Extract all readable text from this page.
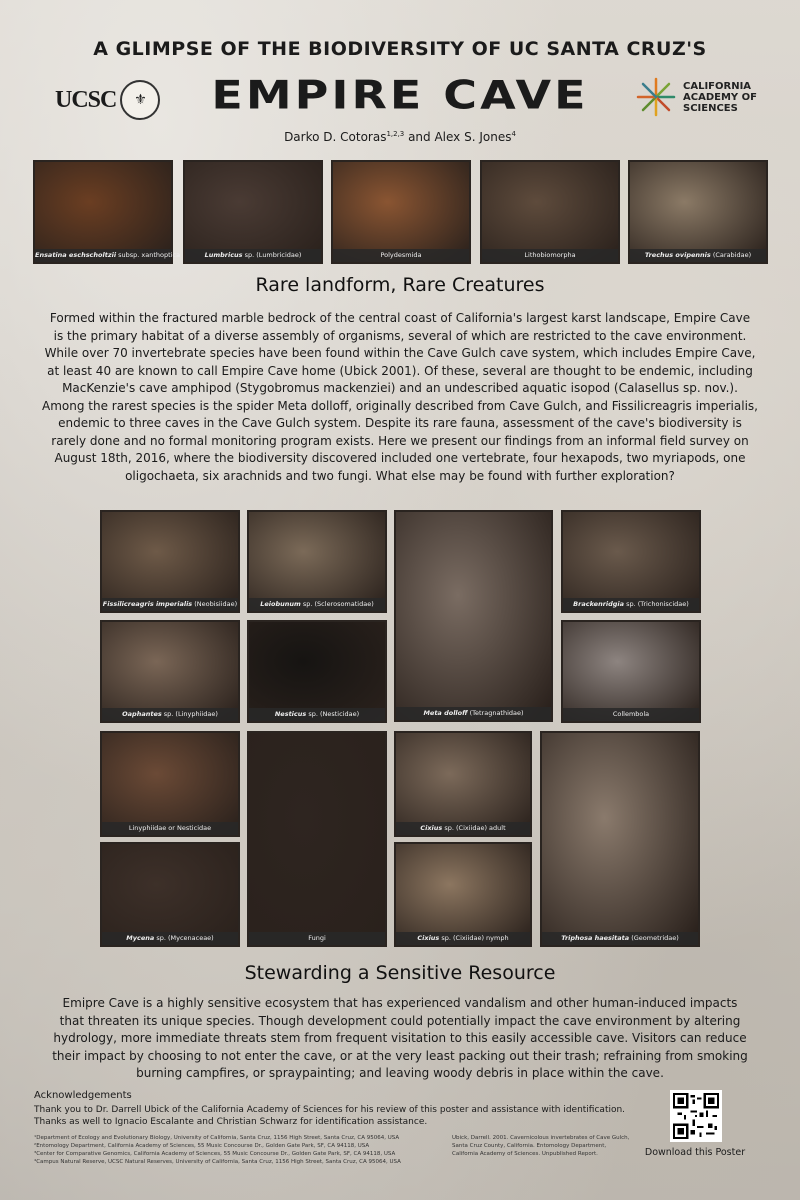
A GLIMPSE OF THE BIODIVERSITY OF UC SANTA CRUZ'S
UCSC	⚜	EMPIRE CAVE	CALIFORNIA
ACADEMY OF
SCIENCES
Darko D. Cotoras$^{1,2,3}$ and Alex S. Jones$^4$
Ensatina eschscholtzii subsp. xanthoptica	Lumbricus sp. (Lumbricidae)	Polydesmida	Lithobiomorpha	Trechus ovipennis (Carabidae)
Rare landform, Rare Creatures
Formed within the fractured marble bedrock of the central coast of California's largest karst landscape, Empire Cave
is the primary habitat of a diverse assembly of organisms, several of which are restricted to the cave environment.
While over 70 invertebrate species have been found within the Cave Gulch cave system, which includes Empire Cave,
at least 40 are known to call Empire Cave home (Ubick 2001). Of these, several are thought to be endemic, including
MacKenzie's cave amphipod (Stygobromus mackenziei) and an undescribed aquatic isopod (Calasellus sp. nov.).
Among the rarest species is the spider Meta dolloff, originally described from Cave Gulch, and Fissilicreagris imperialis,
endemic to three caves in the Cave Gulch system. Despite its rare fauna, assessment of the cave's biodiversity is
rarely done and no formal monitoring program exists. Here we present our findings from an informal field survey on
August 18th, 2016, where the biodiversity discovered included one vertebrate, four hexapods, two myriapods, one
oligochaeta, six arachnids and two fungi. What else may be found with further exploration?
Fissilicreagris imperialis (Neobisiidae)	Leiobunum sp. (Sclerosomatidae)
Meta dolloff (Tetragnathidae)
Brackenridgia sp. (Trichoniscidae)
Oaphantes sp. (Linyphiidae)	Nesticus sp. (Nesticidae)	Collembola
Linyphiidae or Nesticidae
Fungi
Cixius sp. (Cixiidae) adult
Triphosa haesitata (Geometridae)
Mycena sp. (Mycenaceae)	Cixius sp. (Cixiidae) nymph
Stewarding a Sensitive Resource
Emipre Cave is a highly sensitive ecosystem that has experienced vandalism and other human-induced impacts
that threaten its unique species. Though development could potentially impact the cave environment by altering
hydrology, more immediate threats stem from frequent visitation to this easily accessible cave. Visitors can reduce
their impact by choosing to not enter the cave, or at the very least packing out their trash; refraining from smoking
burning campfires, or spraypainting; and leaving woody debris in place within the cave.
Acknowledgements
Thank you to Dr. Darrell Ubick of the California Academy of Sciences for his review of this poster and assistance with identification. Thanks as well to Ignacio Escalante and Christian Schwarz for identification assistance.
¹Department of Ecology and Evolutionary Biology, University of California, Santa Cruz, 1156 High Street, Santa Cruz, CA 95064, USA
²Entomology Department, California Academy of Sciences, 55 Music Concourse Dr., Golden Gate Park, SF, CA 94118, USA
³Center for Comparative Genomics, California Academy of Sciences, 55 Music Concourse Dr., Golden Gate Park, SF, CA 94118, USA
⁴Campus Natural Reserve, UCSC Natural Reserves, University of California, Santa Cruz, 1156 High Street, Santa Cruz, CA 95064, USA
Ubick, Darrell. 2001. Cavernicolous invertebrates of Cave Gulch, Santa Cruz County, California. Entomology Department, California Academy of Sciences. Unpublished Report.	Download this Poster
